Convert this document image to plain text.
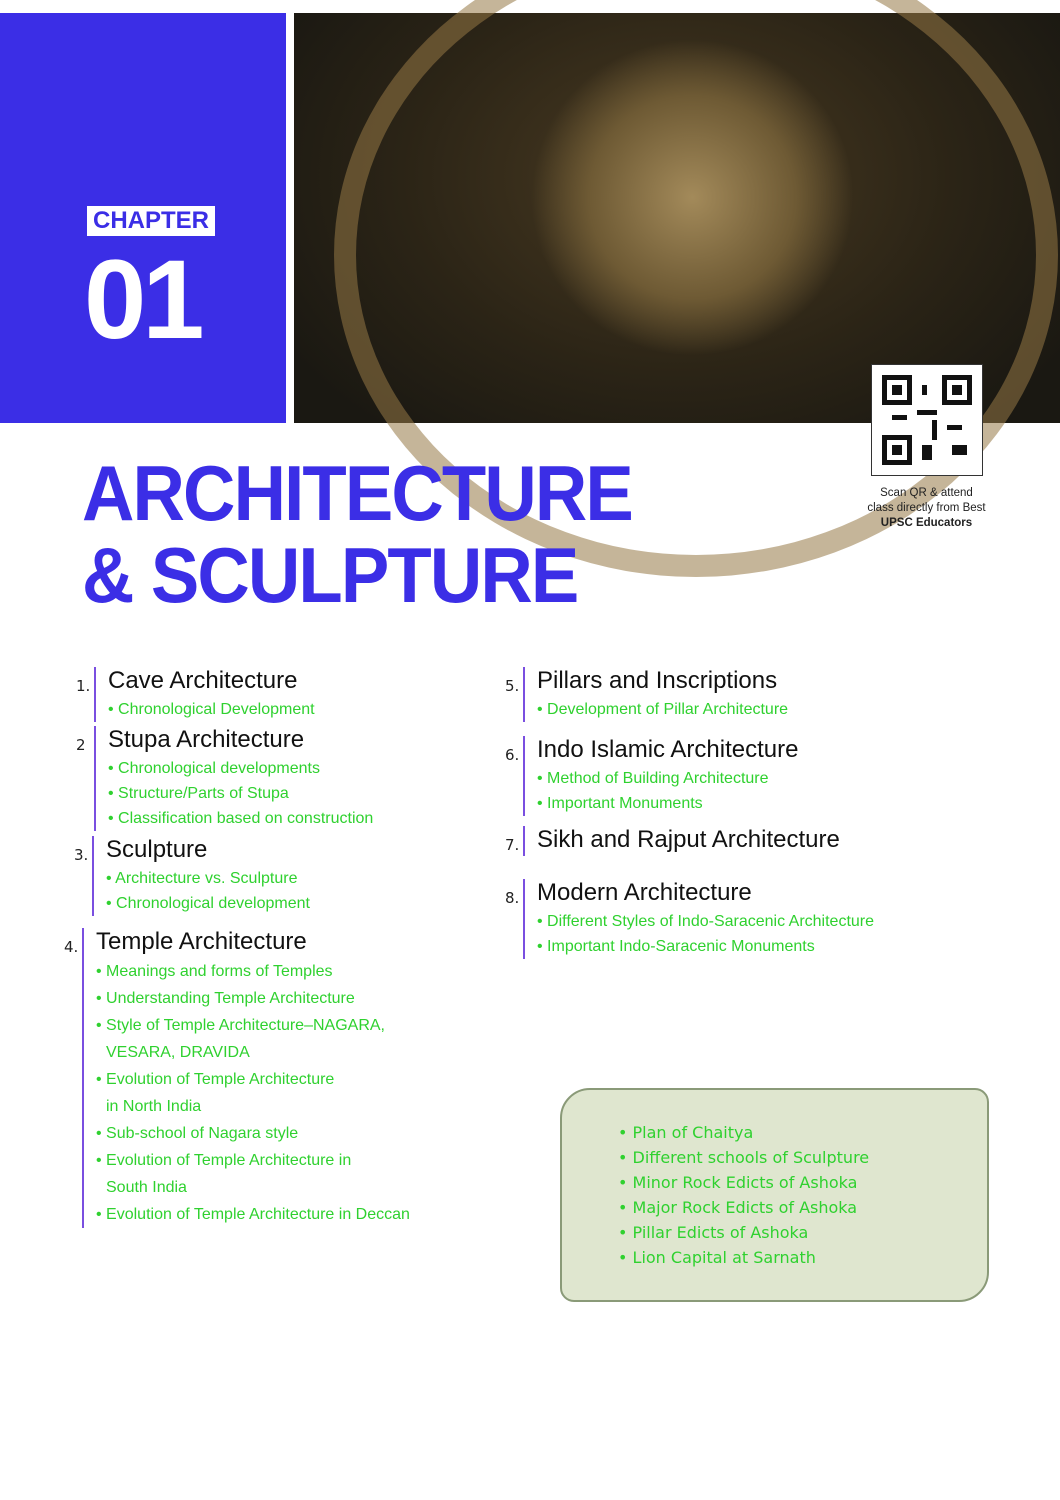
CHAPTER
01
Scan QR & attend
class directly from Best
UPSC Educators
ARCHITECTURE
& SCULPTURE
• Plan of Chaitya
• Different schools of Sculpture
• Minor Rock Edicts of Ashoka
• Major Rock Edicts of Ashoka
• Pillar Edicts of Ashoka
• Lion Capital at Sarnath
1. Cave Architecture
• Chronological Development
2 Stupa Architecture
• Chronological developments
• Structure/Parts of Stupa
• Classification based on construction
3. Sculpture
• Architecture vs. Sculpture
• Chronological development
4. Temple Architecture
• Meanings and forms of Temples
• Understanding Temple Architecture
• Style of Temple Architecture–NAGARA,
VESARA, DRAVIDA
• Evolution of Temple Architecture
in North India
• Sub-school of Nagara style
• Evolution of Temple Architecture in
South India
• Evolution of Temple Architecture in Deccan
5. Pillars and Inscriptions
• Development of Pillar Architecture
6. Indo Islamic Architecture
• Method of Building Architecture
• Important Monuments
7. Sikh and Rajput Architecture
8. Modern Architecture
• Different Styles of Indo-Saracenic Architecture
• Important Indo-Saracenic Monuments
